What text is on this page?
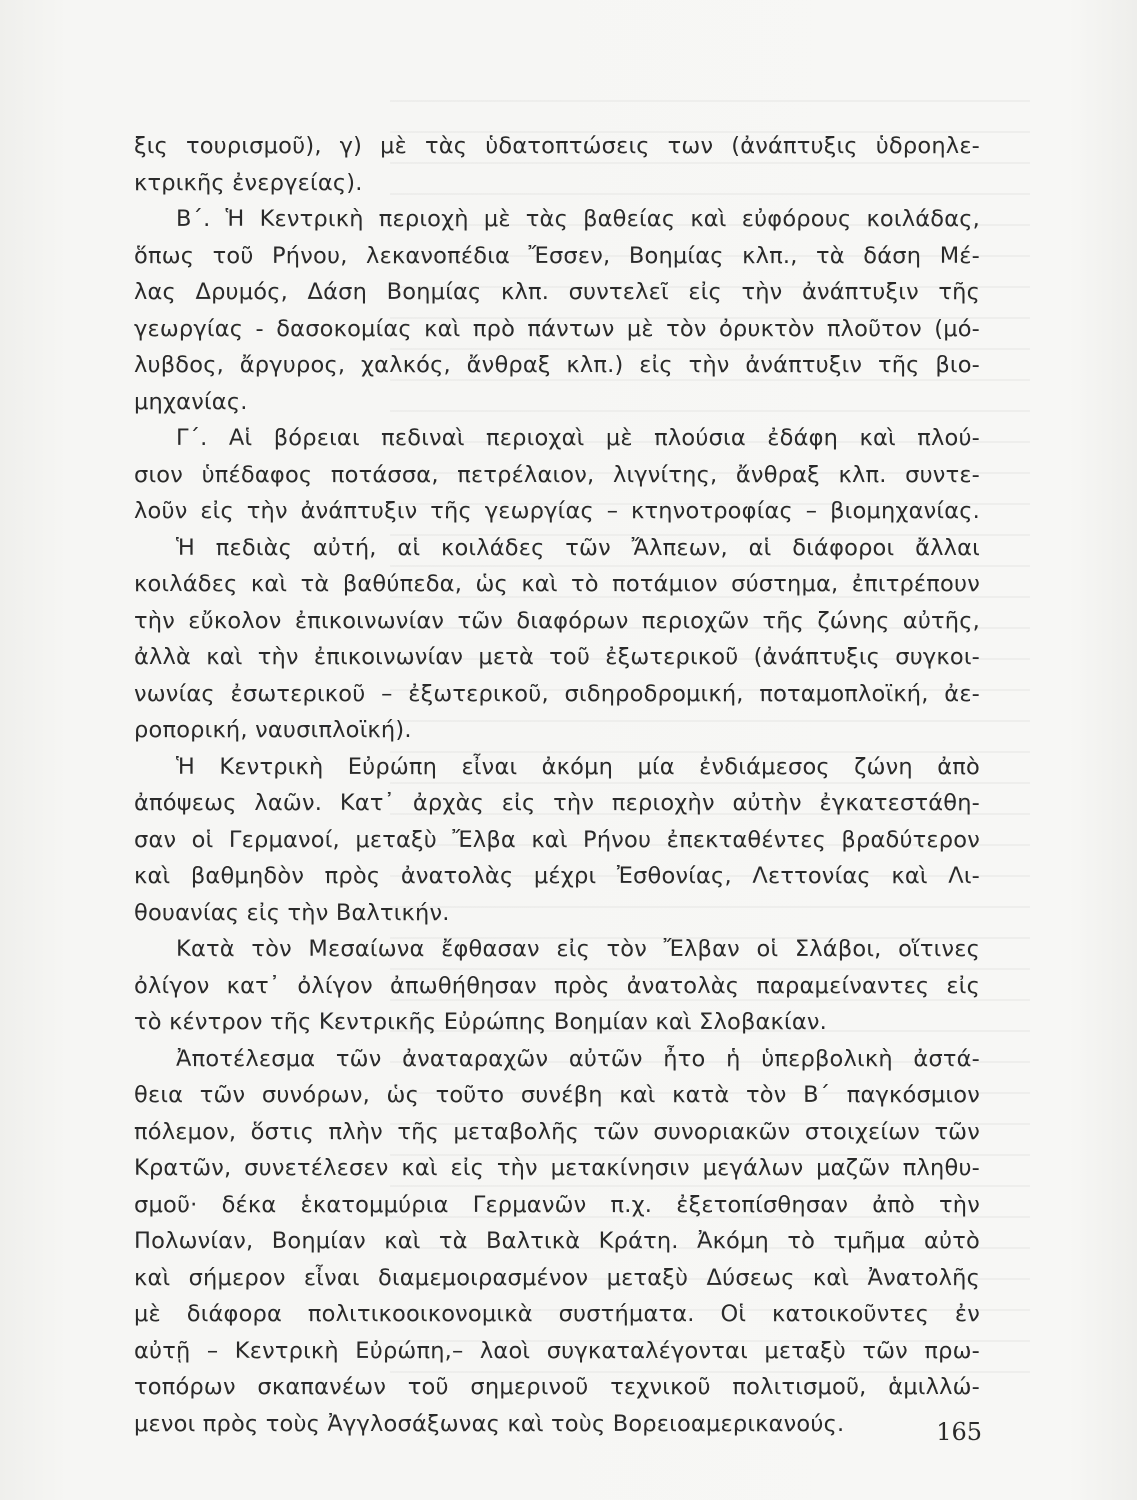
ξις τουρισμοῦ), γ) μὲ τὰς ὑδατοπτώσεις των (ἀνάπτυξις ὑδροηλε-
κτρικῆς ἐνεργείας).
Β΄. Ἡ Κεντρικὴ περιοχὴ μὲ τὰς βαθείας καὶ εὐφόρους κοιλάδας,
ὅπως τοῦ Ρήνου, λεκανοπέδια Ἔσσεν, Βοημίας κλπ., τὰ δάση Μέ-
λας Δρυμός, Δάση Βοημίας κλπ. συντελεῖ εἰς τὴν ἀνάπτυξιν τῆς
γεωργίας - δασοκομίας καὶ πρὸ πάντων μὲ τὸν ὀρυκτὸν πλοῦτον (μό-
λυβδος, ἄργυρος, χαλκός, ἄνθραξ κλπ.) εἰς τὴν ἀνάπτυξιν τῆς βιο-
μηχανίας.
Γ΄. Αἱ βόρειαι πεδιναὶ περιοχαὶ μὲ πλούσια ἐδάφη καὶ πλού-
σιον ὑπέδαφος ποτάσσα, πετρέλαιον, λιγνίτης, ἄνθραξ κλπ. συντε-
λοῦν εἰς τὴν ἀνάπτυξιν τῆς γεωργίας – κτηνοτροφίας – βιομηχανίας.
Ἡ πεδιὰς αὐτή, αἱ κοιλάδες τῶν Ἄλπεων, αἱ διάφοροι ἄλλαι
κοιλάδες καὶ τὰ βαθύπεδα, ὡς καὶ τὸ ποτάμιον σύστημα, ἐπιτρέπουν
τὴν εὔκολον ἐπικοινωνίαν τῶν διαφόρων περιοχῶν τῆς ζώνης αὐτῆς,
ἀλλὰ καὶ τὴν ἐπικοινωνίαν μετὰ τοῦ ἐξωτερικοῦ (ἀνάπτυξις συγκοι-
νωνίας ἐσωτερικοῦ – ἐξωτερικοῦ, σιδηροδρομική, ποταμοπλοϊκή, ἀε-
ροπορική, ναυσιπλοϊκή).
Ἡ Κεντρικὴ Εὐρώπη εἶναι ἀκόμη μία ἐνδιάμεσος ζώνη ἀπὸ
ἀπόψεως λαῶν. Κατ᾽ ἀρχὰς εἰς τὴν περιοχὴν αὐτὴν ἐγκατεστάθη-
σαν οἱ Γερμανοί, μεταξὺ Ἔλβα καὶ Ρήνου ἐπεκταθέντες βραδύτερον
καὶ βαθμηδὸν πρὸς ἀνατολὰς μέχρι Ἐσθονίας, Λεττονίας καὶ Λι-
θουανίας εἰς τὴν Βαλτικήν.
Κατὰ τὸν Μεσαίωνα ἔφθασαν εἰς τὸν Ἔλβαν οἱ Σλάβοι, οἵτινες
ὀλίγον κατ᾽ ὀλίγον ἀπωθήθησαν πρὸς ἀνατολὰς παραμείναντες εἰς
τὸ κέντρον τῆς Κεντρικῆς Εὐρώπης Βοημίαν καὶ Σλοβακίαν.
Ἀποτέλεσμα τῶν ἀναταραχῶν αὐτῶν ἦτο ἡ ὑπερβολικὴ ἀστά-
θεια τῶν συνόρων, ὡς τοῦτο συνέβη καὶ κατὰ τὸν Β΄ παγκόσμιον
πόλεμον, ὅστις πλὴν τῆς μεταβολῆς τῶν συνοριακῶν στοιχείων τῶν
Κρατῶν, συνετέλεσεν καὶ εἰς τὴν μετακίνησιν μεγάλων μαζῶν πληθυ-
σμοῦ· δέκα ἑκατομμύρια Γερμανῶν π.χ. ἐξετοπίσθησαν ἀπὸ τὴν
Πολωνίαν, Βοημίαν καὶ τὰ Βαλτικὰ Κράτη. Ἀκόμη τὸ τμῆμα αὐτὸ
καὶ σήμερον εἶναι διαμεμοιρασμένον μεταξὺ Δύσεως καὶ Ἀνατολῆς
μὲ διάφορα πολιτικοοικονομικὰ συστήματα. Οἱ κατοικοῦντες ἐν
αὐτῇ – Κεντρικὴ Εὐρώπη,– λαοὶ συγκαταλέγονται μεταξὺ τῶν πρω-
τοπόρων σκαπανέων τοῦ σημερινοῦ τεχνικοῦ πολιτισμοῦ, ἁμιλλώ-
μενοι πρὸς τοὺς Ἀγγλοσάξωνας καὶ τοὺς Βορειοαμερικανούς.	165
